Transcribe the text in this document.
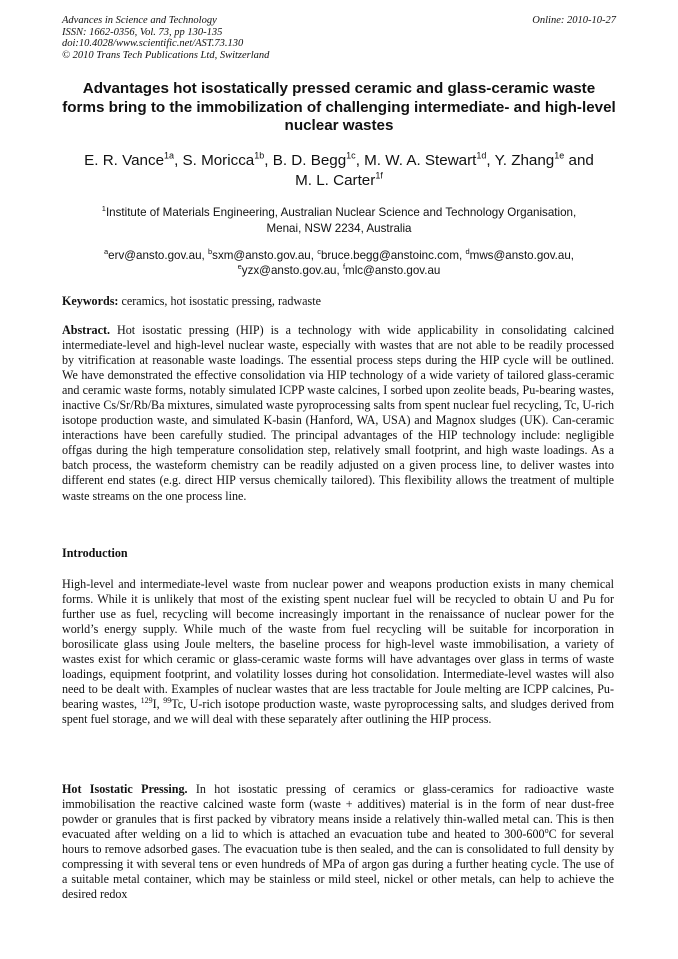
Advances in Science and Technology
ISSN: 1662-0356, Vol. 73, pp 130-135
doi:10.4028/www.scientific.net/AST.73.130
© 2010 Trans Tech Publications Ltd, Switzerland
Online: 2010-10-27
Advantages hot isostatically pressed ceramic and glass-ceramic waste forms bring to the immobilization of challenging intermediate- and high-level nuclear wastes
E. R. Vance$^{1a}$, S. Moricca$^{1b}$, B. D. Begg$^{1c}$, M. W. A. Stewart$^{1d}$, Y. Zhang$^{1e}$ and
M. L. Carter$^{1f}$
$^1$Institute of Materials Engineering, Australian Nuclear Science and Technology Organisation,
Menai, NSW 2234, Australia
$^a$erv@ansto.gov.au, $^b$sxm@ansto.gov.au, $^c$bruce.begg@anstoinc.com, $^d$mws@ansto.gov.au,
$^e$yzx@ansto.gov.au, $^f$mlc@ansto.gov.au
Keywords: ceramics, hot isostatic pressing, radwaste
Abstract. Hot isostatic pressing (HIP) is a technology with wide applicability in consolidating calcined intermediate-level and high-level nuclear waste, especially with wastes that are not able to be readily processed by vitrification at reasonable waste loadings. The essential process steps during the HIP cycle will be outlined. We have demonstrated the effective consolidation via HIP technology of a wide variety of tailored glass-ceramic and ceramic waste forms, notably simulated ICPP waste calcines, I sorbed upon zeolite beads, Pu-bearing wastes, inactive Cs/Sr/Rb/Ba mixtures, simulated waste pyroprocessing salts from spent nuclear fuel recycling, Tc, U-rich isotope production waste, and simulated K-basin (Hanford, WA, USA) and Magnox sludges (UK). Can-ceramic interactions have been carefully studied. The principal advantages of the HIP technology include: negligible offgas during the high temperature consolidation step, relatively small footprint, and high waste loadings. As a batch process, the wasteform chemistry can be readily adjusted on a given process line, to deliver wastes into different end states (e.g. direct HIP versus chemically tailored). This flexibility allows the treatment of multiple waste streams on the one process line.
Introduction
High-level and intermediate-level waste from nuclear power and weapons production exists in many chemical forms. While it is unlikely that most of the existing spent nuclear fuel will be recycled to obtain U and Pu for further use as fuel, recycling will become increasingly important in the renaissance of nuclear power for the world’s energy supply. While much of the waste from fuel recycling will be suitable for incorporation in borosilicate glass using Joule melters, the baseline process for high-level waste immobilisation, a variety of wastes exist for which ceramic or glass-ceramic waste forms will have advantages over glass in terms of waste loadings, equipment footprint, and volatility losses during hot consolidation. Intermediate-level wastes will also need to be dealt with. Examples of nuclear wastes that are less tractable for Joule melting are ICPP calcines, Pu-bearing wastes, $^{129}$I, $^{99}$Tc, U-rich isotope production waste, waste pyroprocessing salts, and sludges derived from spent fuel storage, and we will deal with these separately after outlining the HIP process.
Hot Isostatic Pressing. In hot isostatic pressing of ceramics or glass-ceramics for radioactive waste immobilisation the reactive calcined waste form (waste + additives) material is in the form of near dust-free powder or granules that is first packed by vibratory means inside a relatively thin-walled metal can. This is then evacuated after welding on a lid to which is attached an evacuation tube and heated to 300-600$^o$C for several hours to remove adsorbed gases. The evacuation tube is then sealed, and the can is consolidated to full density by compressing it with several tens or even hundreds of MPa of argon gas during a further heating cycle. The use of a suitable metal container, which may be stainless or mild steel, nickel or other metals, can help to achieve the desired redox
